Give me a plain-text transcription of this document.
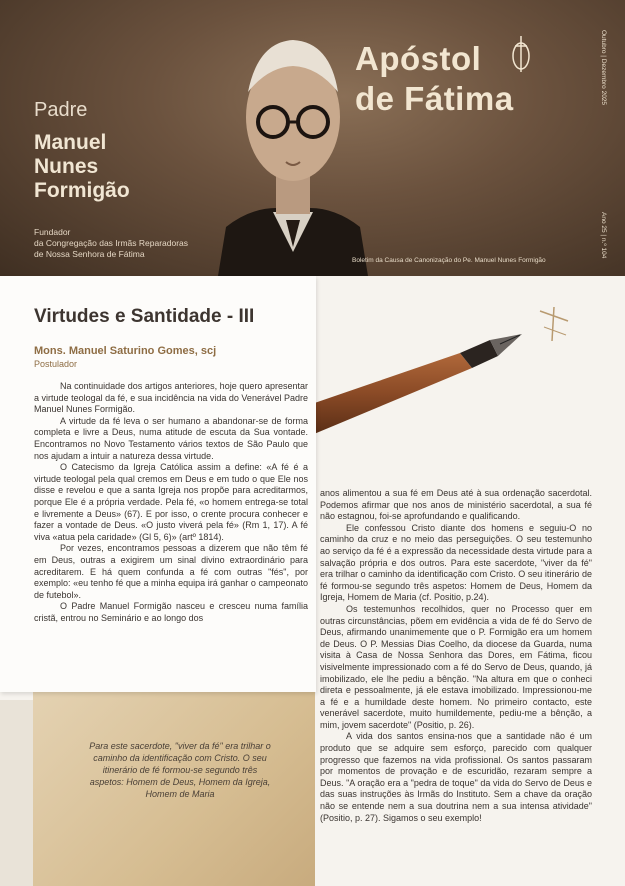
Padre
Manuel
Nunes
Formigão
Fundador
da Congregação das Irmãs Reparadoras
de Nossa Senhora de Fátima
Apóstol
de Fátima	Outubro | Dezembro 2025
Ano 25 | n.º 104
Boletim da Causa de Canonização do Pe. Manuel Nunes Formigão
Virtudes e Santidade - III
Mons. Manuel Saturino Gomes, scj
Postulador

Na continuidade dos artigos anteriores, hoje quero apresentar a virtude teologal da fé, e sua incidência na vida do Venerável Padre Manuel Nunes Formigão.

A virtude da fé leva o ser humano a abandonar-se de forma completa e livre a Deus, numa atitude de escuta da Sua vontade. Encontramos no Novo Testamento vários textos de São Paulo que nos ajudam a intuir a natureza dessa virtude.

O Catecismo da Igreja Católica assim a define: «A fé é a virtude teologal pela qual cremos em Deus e em tudo o que Ele nos disse e revelou e que a santa Igreja nos propõe para acreditarmos, porque Ele é a própria verdade. Pela fé, «o homem entrega-se total e livremente a Deus» (67). E por isso, o crente procura conhecer e fazer a vontade de Deus. «O justo viverá pela fé» (Rm 1, 17). A fé viva «atua pela caridade» (Gl 5, 6)» (artº 1814).

Por vezes, encontramos pessoas a dizerem que não têm fé em Deus, outras a exigirem um sinal divino extraordinário para acreditarem. E há quem confunda a fé com outras "fés", por exemplo: «eu tenho fé que a minha equipa irá ganhar o campeonato de futebol».

O Padre Manuel Formigão nasceu e cresceu numa família cristã, entrou no Seminário e ao longo dos

anos alimentou a sua fé em Deus até à sua ordenação sacerdotal. Podemos afirmar que nos anos de ministério sacerdotal, a sua fé não estagnou, foi-se aprofundando e qualificando.

Ele confessou Cristo diante dos homens e seguiu-O no caminho da cruz e no meio das perseguições. O seu testemunho ao serviço da fé é a expressão da necessidade desta virtude para a salvação própria e dos outros. Para este sacerdote, "viver da fé" era trilhar o caminho da identificação com Cristo. O seu itinerário de fé formou-se segundo três aspetos: Homem de Deus, Homem da Igreja, Homem de Maria (cf. Positio, p.24).

Os testemunhos recolhidos, quer no Processo quer em outras circunstâncias, põem em evidência a vida de fé do Servo de Deus, afirmando unanimemente que o P. Formigão era um homem de Deus. O P. Messias Dias Coelho, da diocese da Guarda, numa visita à Casa de Nossa Senhora das Dores, em Fátima, ficou visivelmente impressionado com a fé do Servo de Deus, quando, já imobilizado, ele lhe pediu a bênção. "Na altura em que o conheci direta e pessoalmente, já ele estava imobilizado. Impressionou-me a fé e a humildade deste homem. No primeiro contacto, este venerável sacerdote, muito humildemente, pediu-me a bênção, a mim, jovem sacerdote" (Positio, p. 26).

A vida dos santos ensina-nos que a santidade não é um produto que se adquire sem esforço, parecido com qualquer progresso que fazemos na vida profissional. Os santos passaram por momentos de provação e de escuridão, rezaram sempre a Deus. "A oração era a "pedra de toque" da vida do Servo de Deus e das suas instruções às Irmãs do Instituto. Sem a chave da oração não se entende nem a sua doutrina nem a sua intensa atividade" (Positio, p. 27). Sigamos o seu exemplo!

Para este sacerdote, "viver da fé" era trilhar o caminho da identificação com Cristo. O seu itinerário de fé formou-se segundo três aspetos: Homem de Deus, Homem da Igreja, Homem de Maria
